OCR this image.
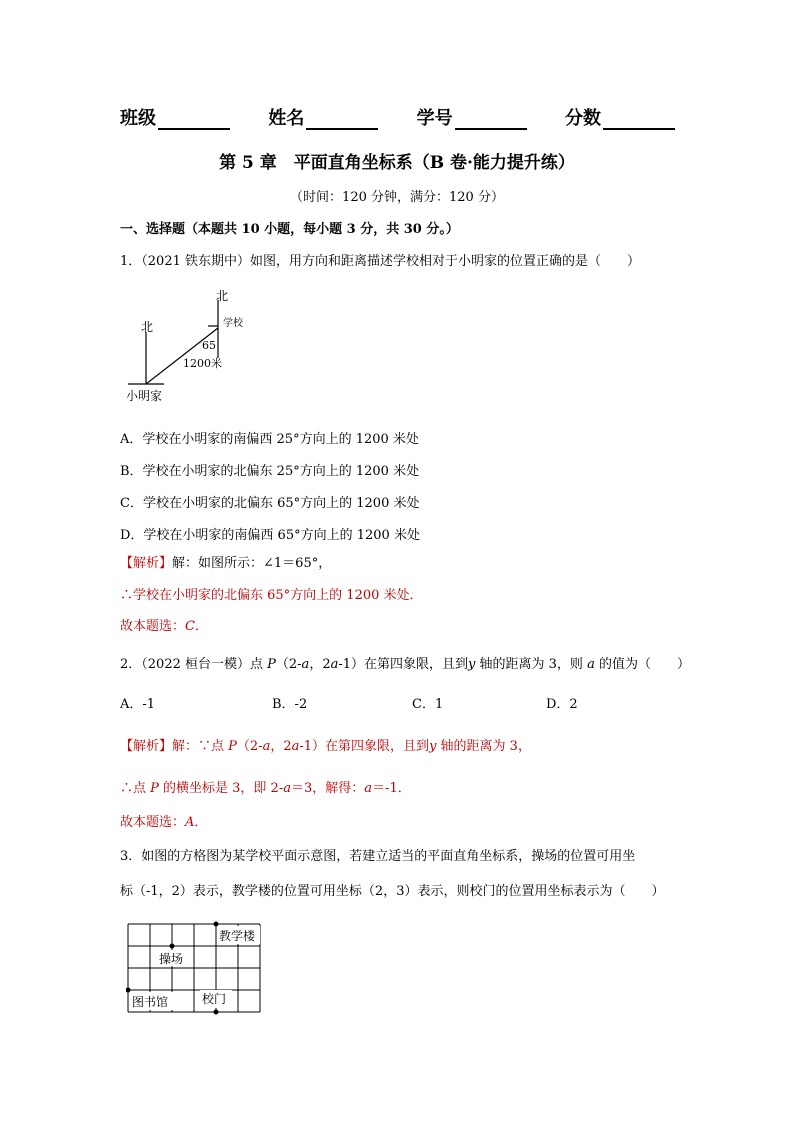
班级	姓名	学号	分数
第 5 章　平面直角坐标系（B 卷·能力提升练）
（时间：120 分钟，满分：120 分）
一、选择题（本题共 10 小题，每小题 3 分，共 30 分。）
1．（2021 铁东期中）如图，用方向和距离描述学校相对于小明家的位置正确的是（　　）
北
北
学校
65
1200米
小明家
A．学校在小明家的南偏西 25°方向上的 1200 米处
B．学校在小明家的北偏东 25°方向上的 1200 米处
C．学校在小明家的北偏东 65°方向上的 1200 米处
D．学校在小明家的南偏西 65°方向上的 1200 米处
【解析】解：如图所示：∠1＝65°，
∴学校在小明家的北偏东 65°方向上的 1200 米处．
故本题选：C．
2．（2022 桓台一模）点 P（2-a，2a-1）在第四象限，且到y 轴的距离为 3，则 a 的值为（　　）
A．-1	B．-2	C．1	D．2
【解析】解：∵点 P（2-a，2a-1）在第四象限，且到y 轴的距离为 3，
∴点 P 的横坐标是 3，即 2-a＝3，解得：a＝-1．
故本题选：A．
3．如图的方格图为某学校平面示意图，若建立适当的平面直角坐标系，操场的位置可用坐
标（-1，2）表示，教学楼的位置可用坐标（2，3）表示，则校门的位置用坐标表示为（　　）
教学楼
操场
图书馆	校门
